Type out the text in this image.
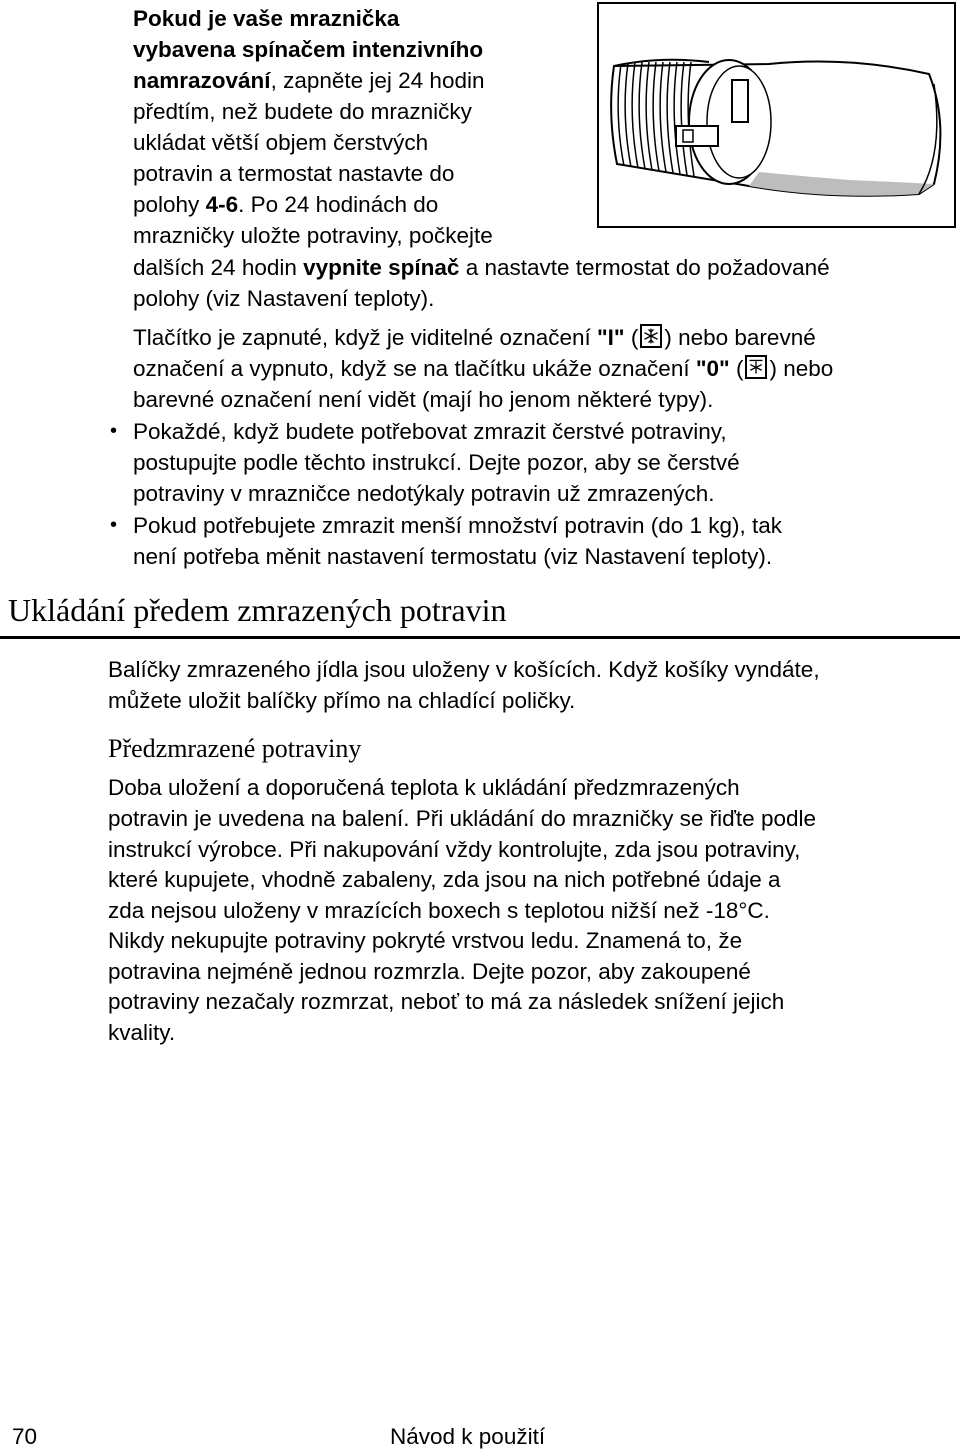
Pokud je vaše mraznička
vybavena spínačem intenzivního
namrazování, zapněte jej 24 hodin
předtím, než budete do mrazničky
ukládat větší objem čerstvých
potravin a termostat nastavte do
polohy 4-6. Po 24 hodinách do
mrazničky uložte potraviny, počkejte
dalších 24 hodin vypnite spínač a nastavte termostat do požadované
polohy (viz Nastavení teploty).
Tlačítko je zapnuté, když je viditelné označení "I" ( ) nebo barevné
označení a vypnuto, když se na tlačítku ukáže označení "0" ( ) nebo
barevné označení není vidět (mají ho jenom některé typy).
• Pokaždé, když budete potřebovat zmrazit čerstvé potraviny,
postupujte podle těchto instrukcí. Dejte pozor, aby se čerstvé
potraviny v mrazničce nedotýkaly potravin už zmrazených.
• Pokud potřebujete zmrazit menší množství potravin (do 1 kg), tak
není potřeba měnit nastavení termostatu (viz Nastavení teploty).
Ukládání předem zmrazených potravin
Balíčky zmrazeného jídla jsou uloženy v košících. Když košíky vyndáte,
můžete uložit balíčky přímo na chladící poličky.
Předzmrazené potraviny
Doba uložení a doporučená teplota k ukládání předzmrazených
potravin je uvedena na balení. Při ukládání do mrazničky se řiďte podle
instrukcí výrobce. Při nakupování vždy kontrolujte, zda jsou potraviny,
které kupujete, vhodně zabaleny, zda jsou na nich potřebné údaje a
zda nejsou uloženy v mrazících boxech s teplotou nižší než -18°C.
Nikdy nekupujte potraviny pokryté vrstvou ledu. Znamená to, že
potravina nejméně jednou rozmrzla. Dejte pozor, aby zakoupené
potraviny nezačaly rozmrzat, neboť to má za následek snížení jejich
kvality.
70	Návod k použití
